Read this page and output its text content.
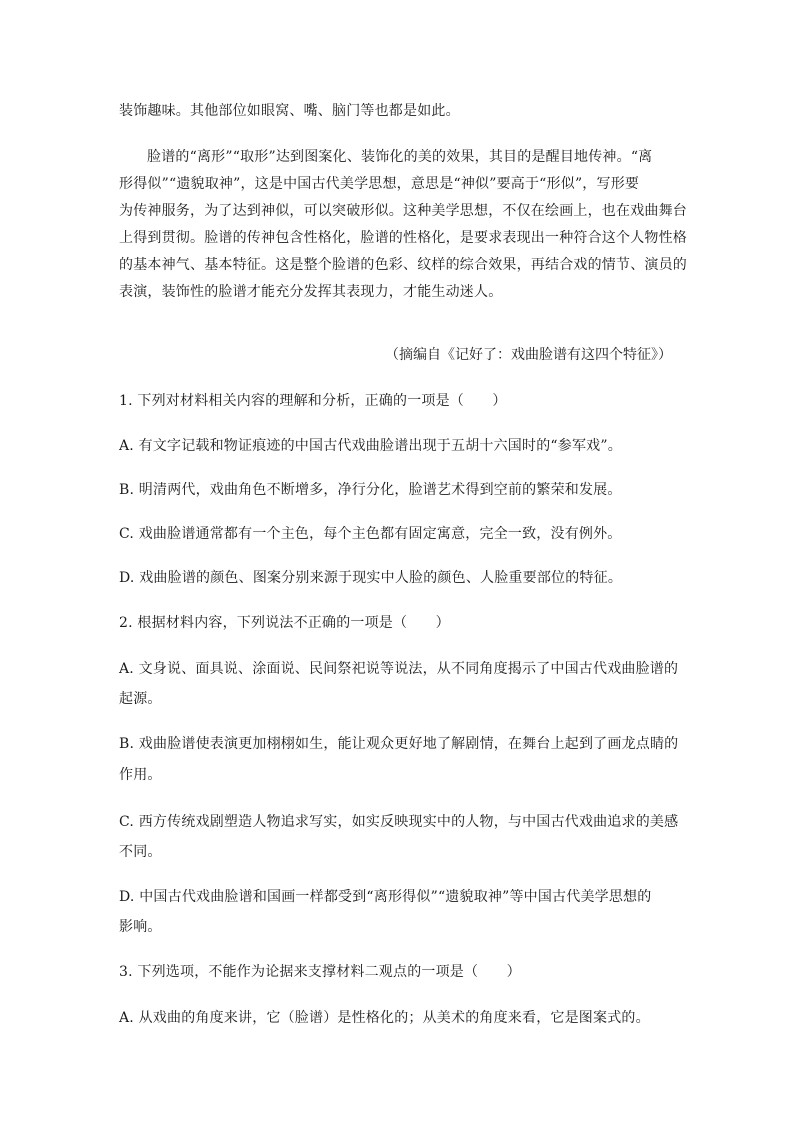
装饰趣味。其他部位如眼窝、嘴、脑门等也都是如此。
脸谱的“离形”“取形”达到图案化、装饰化的美的效果，其目的是醒目地传神。“离
形得似”“遗貌取神”，这是中国古代美学思想，意思是“神似”要高于“形似”，写形要
为传神服务，为了达到神似，可以突破形似。这种美学思想，不仅在绘画上，也在戏曲舞台
上得到贯彻。脸谱的传神包含性格化，脸谱的性格化，是要求表现出一种符合这个人物性格
的基本神气、基本特征。这是整个脸谱的色彩、纹样的综合效果，再结合戏的情节、演员的
表演，装饰性的脸谱才能充分发挥其表现力，才能生动迷人。
（摘编自《记好了：戏曲脸谱有这四个特征》）
1. 下列对材料相关内容的理解和分析，正确的一项是（　　）
A. 有文字记载和物证痕迹的中国古代戏曲脸谱出现于五胡十六国时的“参军戏”。
B. 明清两代，戏曲角色不断增多，净行分化，脸谱艺术得到空前的繁荣和发展。
C. 戏曲脸谱通常都有一个主色，每个主色都有固定寓意，完全一致，没有例外。
D. 戏曲脸谱的颜色、图案分别来源于现实中人脸的颜色、人脸重要部位的特征。
2. 根据材料内容，下列说法不正确的一项是（　　）
A. 文身说、面具说、涂面说、民间祭祀说等说法，从不同角度揭示了中国古代戏曲脸谱的
起源。
B. 戏曲脸谱使表演更加栩栩如生，能让观众更好地了解剧情，在舞台上起到了画龙点睛的
作用。
C. 西方传统戏剧塑造人物追求写实，如实反映现实中的人物，与中国古代戏曲追求的美感
不同。
D. 中国古代戏曲脸谱和国画一样都受到“离形得似”“遗貌取神”等中国古代美学思想的
影响。
3. 下列选项，不能作为论据来支撑材料二观点的一项是（　　）
A. 从戏曲的角度来讲，它（脸谱）是性格化的；从美术的角度来看，它是图案式的。
